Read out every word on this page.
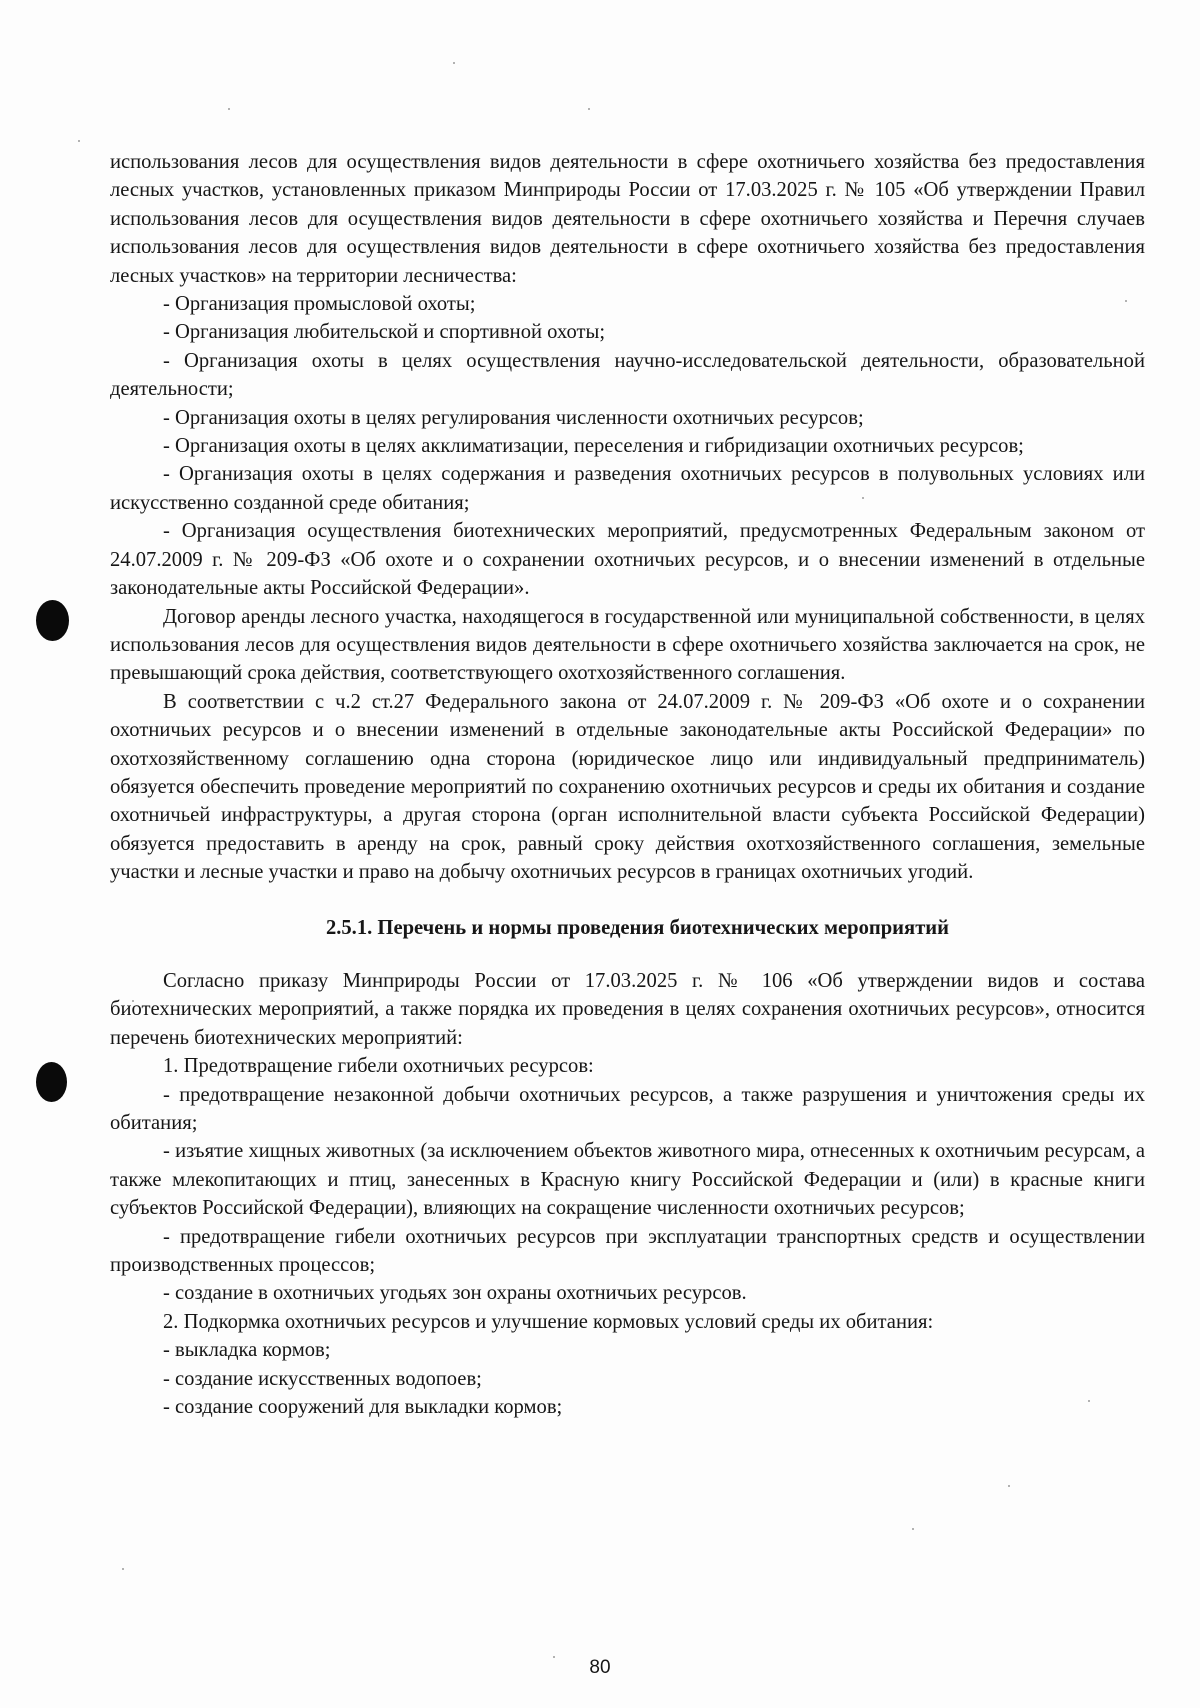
использования лесов для осуществления видов деятельности в сфере охотничьего хозяйства без предоставления лесных участков, установленных приказом Минприроды России от 17.03.2025 г. № 105 «Об утверждении Правил использования лесов для осуществления видов деятельности в сфере охотничьего хозяйства и Перечня случаев использования лесов для осуществления видов деятельности в сфере охотничьего хозяйства без предоставления лесных участков» на территории лесничества:

- Организация промысловой охоты;

- Организация любительской и спортивной охоты;

- Организация охоты в целях осуществления научно-исследовательской деятельности, образовательной деятельности;

- Организация охоты в целях регулирования численности охотничьих ресурсов;

- Организация охоты в целях акклиматизации, переселения и гибридизации охотничьих ресурсов;

- Организация охоты в целях содержания и разведения охотничьих ресурсов в полувольных условиях или искусственно созданной среде обитания;

- Организация осуществления биотехнических мероприятий, предусмотренных Федеральным законом от 24.07.2009 г. № 209-ФЗ «Об охоте и о сохранении охотничьих ресурсов, и о внесении изменений в отдельные законодательные акты Российской Федерации».

Договор аренды лесного участка, находящегося в государственной или муниципальной собственности, в целях использования лесов для осуществления видов деятельности в сфере охотничьего хозяйства заключается на срок, не превышающий срока действия, соответствующего охотхозяйственного соглашения.

В соответствии с ч.2 ст.27 Федерального закона от 24.07.2009 г. № 209-ФЗ «Об охоте и о сохранении охотничьих ресурсов и о внесении изменений в отдельные законодательные акты Российской Федерации» по охотхозяйственному соглашению одна сторона (юридическое лицо или индивидуальный предприниматель) обязуется обеспечить проведение мероприятий по сохранению охотничьих ресурсов и среды их обитания и создание охотничьей инфраструктуры, а другая сторона (орган исполнительной власти субъекта Российской Федерации) обязуется предоставить в аренду на срок, равный сроку действия охотхозяйственного соглашения, земельные участки и лесные участки и право на добычу охотничьих ресурсов в границах охотничьих угодий.

2.5.1. Перечень и нормы проведения биотехнических мероприятий

Согласно приказу Минприроды России от 17.03.2025 г. № 106 «Об утверждении видов и состава биотехнических мероприятий, а также порядка их проведения в целях сохранения охотничьих ресурсов», относится перечень биотехнических мероприятий:

1. Предотвращение гибели охотничьих ресурсов:

- предотвращение незаконной добычи охотничьих ресурсов, а также разрушения и уничтожения среды их обитания;

- изъятие хищных животных (за исключением объектов животного мира, отнесенных к охотничьим ресурсам, а также млекопитающих и птиц, занесенных в Красную книгу Российской Федерации и (или) в красные книги субъектов Российской Федерации), влияющих на сокращение численности охотничьих ресурсов;

- предотвращение гибели охотничьих ресурсов при эксплуатации транспортных средств и осуществлении производственных процессов;

- создание в охотничьих угодьях зон охраны охотничьих ресурсов.

2. Подкормка охотничьих ресурсов и улучшение кормовых условий среды их обитания:

- выкладка кормов;

- создание искусственных водопоев;

- создание сооружений для выкладки кормов;

80
